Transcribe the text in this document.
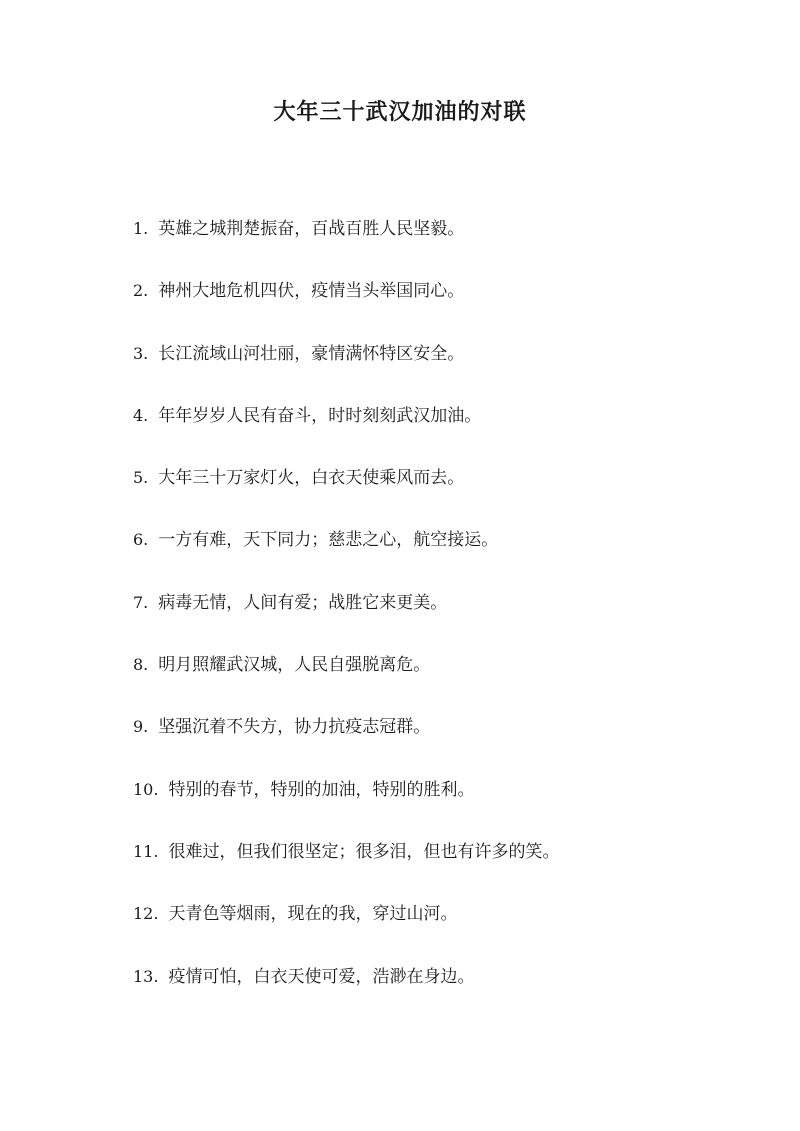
大年三十武汉加油的对联
1. 英雄之城荆楚振奋，百战百胜人民坚毅。
2. 神州大地危机四伏，疫情当头举国同心。
3. 长江流域山河壮丽，豪情满怀特区安全。
4. 年年岁岁人民有奋斗，时时刻刻武汉加油。
5. 大年三十万家灯火，白衣天使乘风而去。
6. 一方有难，天下同力；慈悲之心，航空接运。
7. 病毒无情，人间有爱；战胜它来更美。
8. 明月照耀武汉城，人民自强脱离危。
9. 坚强沉着不失方，协力抗疫志冠群。
10. 特别的春节，特别的加油，特别的胜利。
11. 很难过，但我们很坚定；很多泪，但也有许多的笑。
12. 天青色等烟雨，现在的我，穿过山河。
13. 疫情可怕，白衣天使可爱，浩渺在身边。
